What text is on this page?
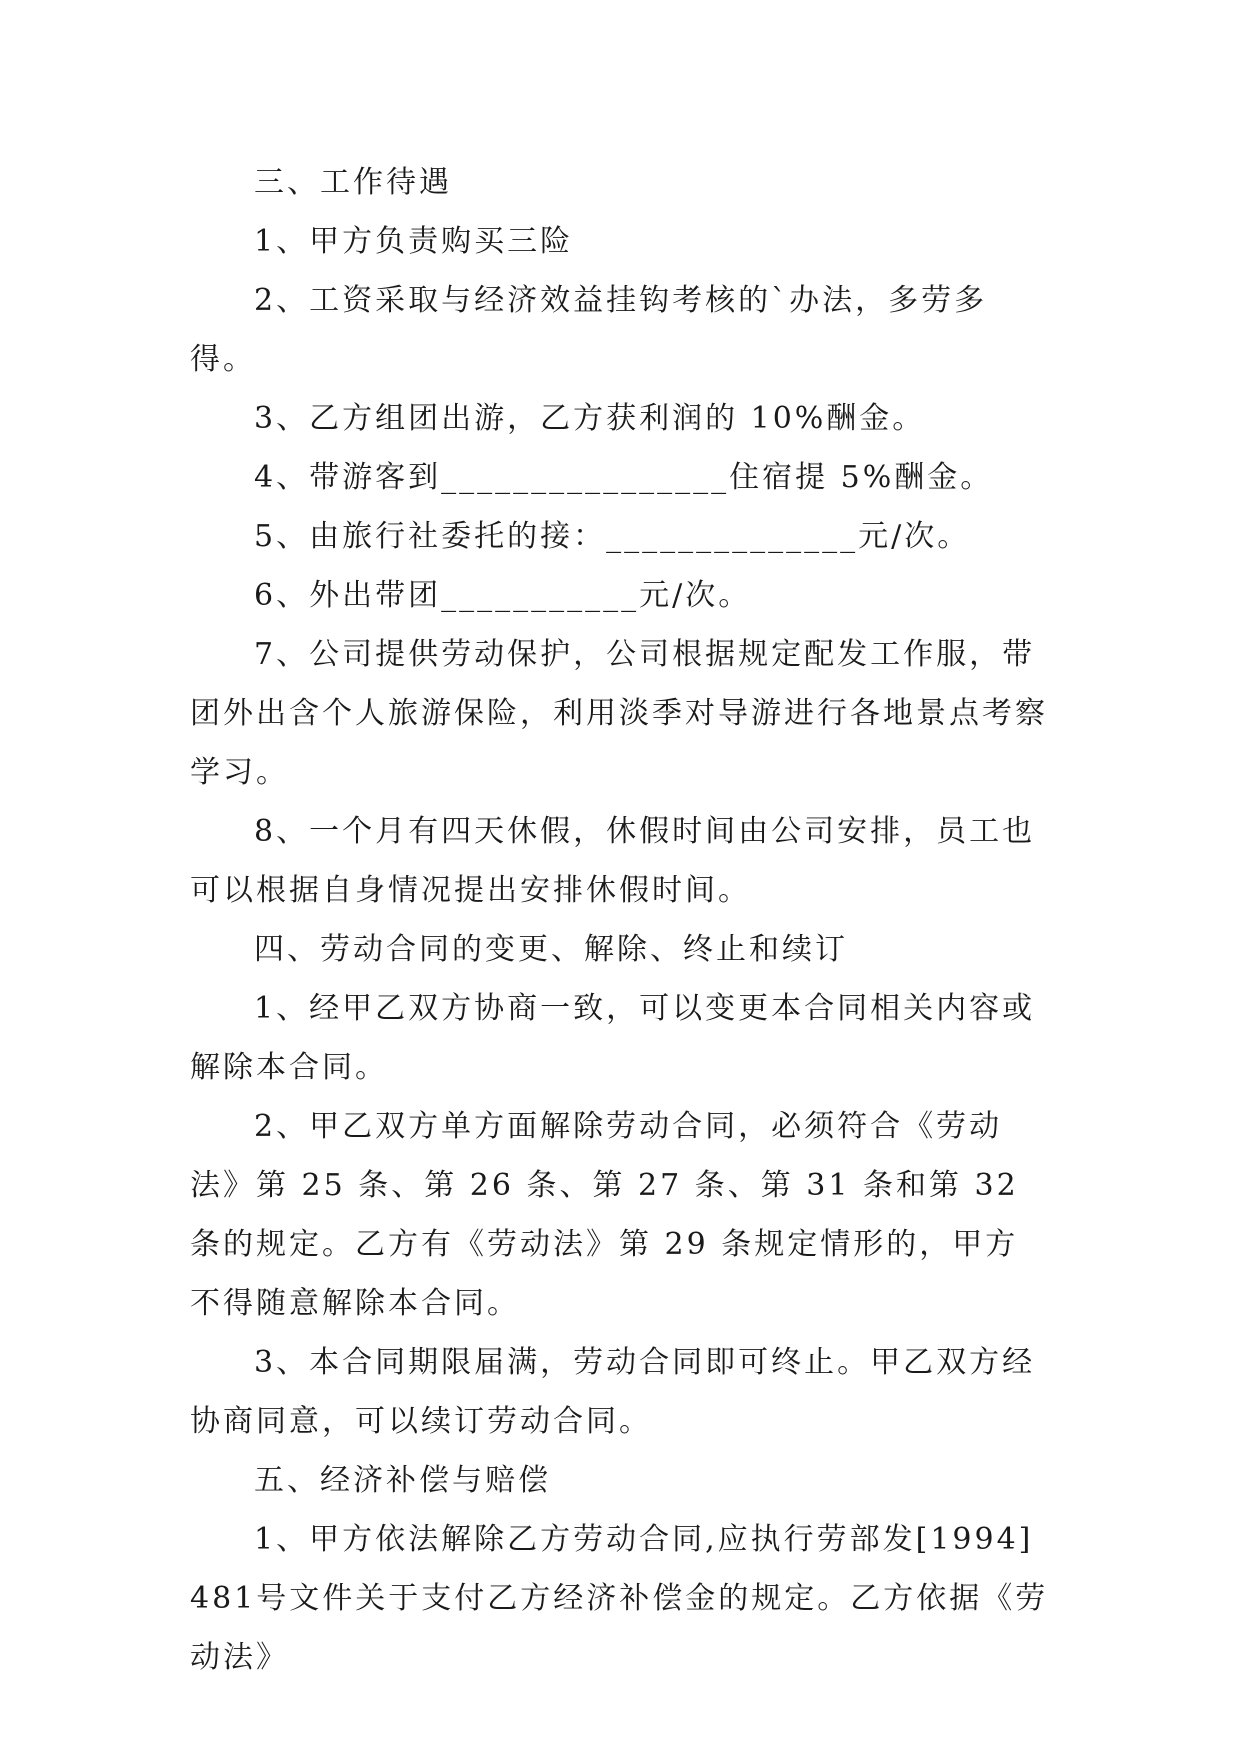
三、工作待遇

1、甲方负责购买三险

2、工资采取与经济效益挂钩考核的`办法，多劳多得。

3、乙方组团出游，乙方获利润的 10%酬金。

4、带游客到________________住宿提 5%酬金。

5、由旅行社委托的接：______________元/次。

6、外出带团___________元/次。

7、公司提供劳动保护，公司根据规定配发工作服，带团外出含个人旅游保险，利用淡季对导游进行各地景点考察学习。

8、一个月有四天休假，休假时间由公司安排，员工也可以根据自身情况提出安排休假时间。

四、劳动合同的变更、解除、终止和续订

1、经甲乙双方协商一致，可以变更本合同相关内容或解除本合同。

2、甲乙双方单方面解除劳动合同，必须符合《劳动法》第 25 条、第 26 条、第 27 条、第 31 条和第 32 条的规定。乙方有《劳动法》第 29 条规定情形的，甲方不得随意解除本合同。

3、本合同期限届满，劳动合同即可终止。甲乙双方经协商同意，可以续订劳动合同。

五、经济补偿与赔偿

1、甲方依法解除乙方劳动合同,应执行劳部发[1994]481号文件关于支付乙方经济补偿金的规定。乙方依据《劳动法》
